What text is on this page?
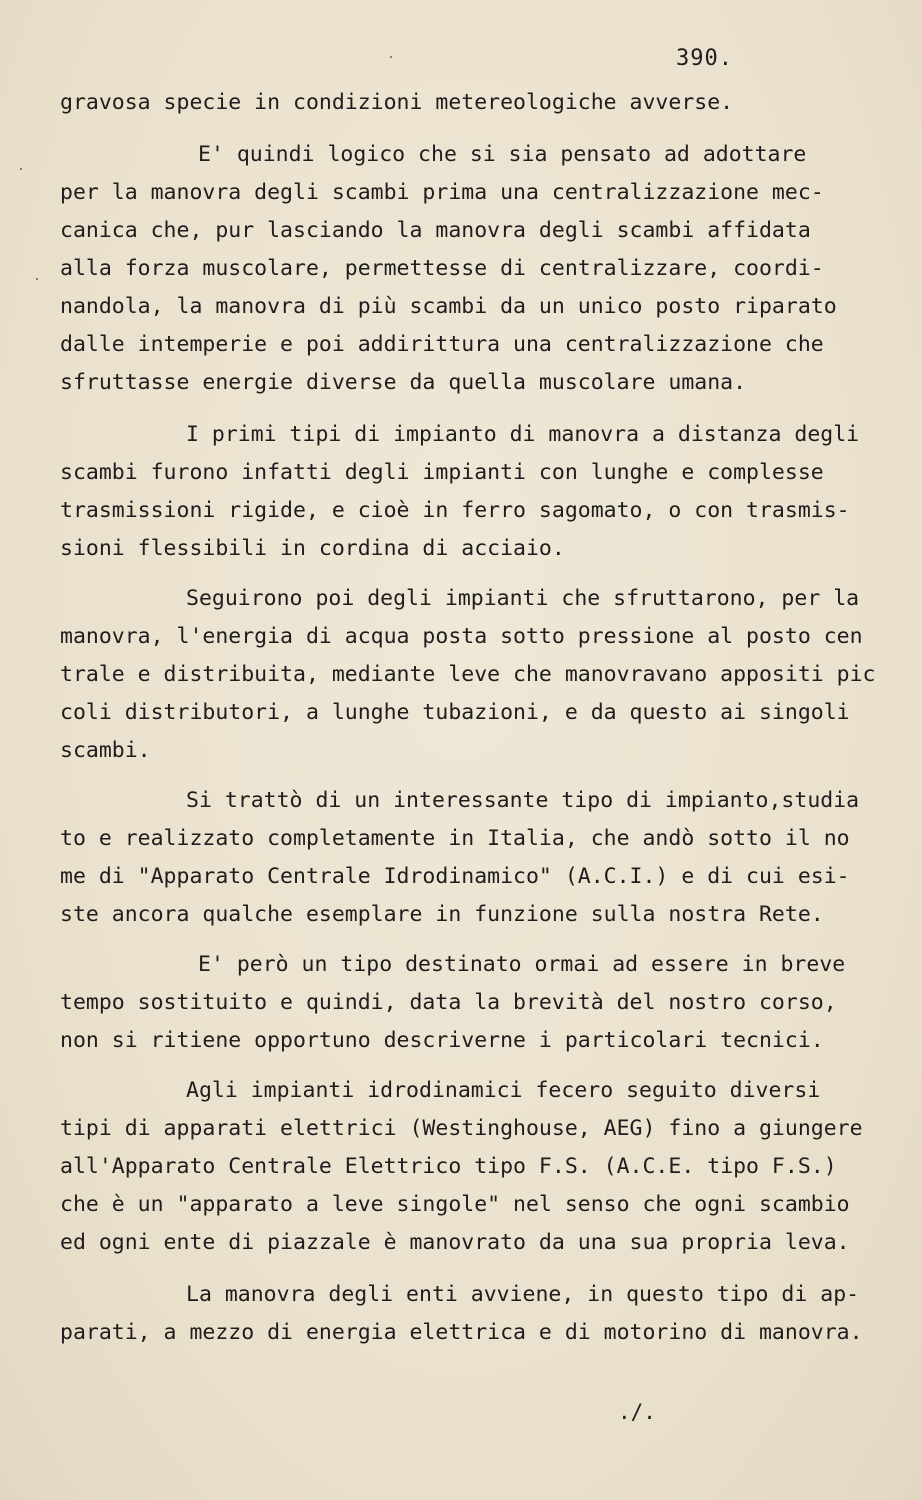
390.
gravosa specie in condizioni metereologiche avverse.
E' quindi logico che si sia pensato ad adottare
per la manovra degli scambi prima una centralizzazione mec-
canica che, pur lasciando la manovra degli scambi affidata
alla forza muscolare, permettesse di centralizzare, coordi-
nandola, la manovra di più scambi da un unico posto riparato
dalle intemperie e poi addirittura una centralizzazione che
sfruttasse energie diverse da quella muscolare umana.
I primi tipi di impianto di manovra a distanza degli
scambi furono infatti degli impianti con lunghe e complesse
trasmissioni rigide, e cioè in ferro sagomato, o con trasmis-
sioni flessibili in cordina di acciaio.
Seguirono poi degli impianti che sfruttarono, per la
manovra, l'energia di acqua posta sotto pressione al posto cen
trale e distribuita, mediante leve che manovravano appositi pic
coli distributori, a lunghe tubazioni, e da questo ai singoli
scambi.
Si trattò di un interessante tipo di impianto,studia
to e realizzato completamente in Italia, che andò sotto il no
me di "Apparato Centrale Idrodinamico" (A.C.I.) e di cui esi-
ste ancora qualche esemplare in funzione sulla nostra Rete.
E' però un tipo destinato ormai ad essere in breve
tempo sostituito e quindi, data la brevità del nostro corso,
non si ritiene opportuno descriverne i particolari tecnici.
Agli impianti idrodinamici fecero seguito diversi
tipi di apparati elettrici (Westinghouse, AEG) fino a giungere
all'Apparato Centrale Elettrico tipo F.S. (A.C.E. tipo F.S.)
che è un "apparato a leve singole" nel senso che ogni scambio
ed ogni ente di piazzale è manovrato da una sua propria leva.
La manovra degli enti avviene, in questo tipo di ap-
parati, a mezzo di energia elettrica e di motorino di manovra.
./.
